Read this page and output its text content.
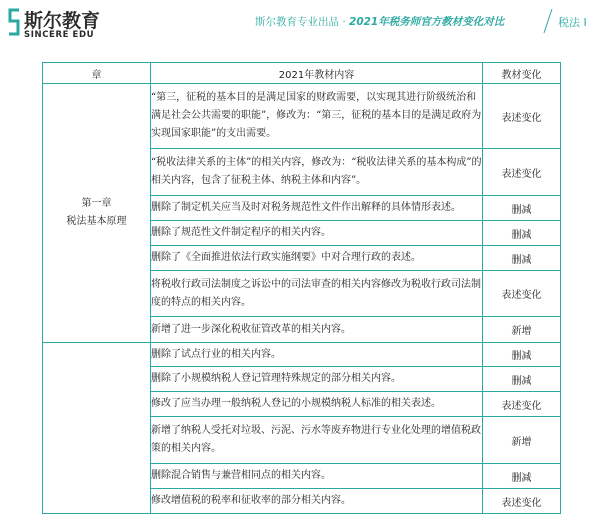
斯尔教育
SINCERE EDU
斯尔教育专业出品 · 2021年税务师官方教材变化对比	税法 I
章	2021年教材内容	教材变化

第一章
税法基本原理	“第三，征税的基本目的是满足国家的财政需要，以实现其进行阶级统治和满足社会公共需要的职能”，修改为：“第三，征税的基本目的是满足政府为实现国家职能”的支出需要。	表述变化
	“税收法律关系的主体”的相关内容，修改为：“税收法律关系的基本构成”的相关内容，包含了征税主体、纳税主体和内容”。	表述变化
	删除了制定机关应当及时对税务规范性文件作出解释的具体情形表述。	删减
	删除了规范性文件制定程序的相关内容。	删减
	删除了《全面推进依法行政实施纲要》中对合理行政的表述。	删减
	将税收行政司法制度之诉讼中的司法审查的相关内容修改为税收行政司法制度的特点的相关内容。	表述变化
	新增了进一步深化税收征管改革的相关内容。	新增
	删除了试点行业的相关内容。	删减
	删除了小规模纳税人登记管理特殊规定的部分相关内容。	删减
	修改了应当办理一般纳税人登记的小规模纳税人标准的相关表述。	表述变化
	新增了纳税人受托对垃圾、污泥、污水等废弃物进行专业化处理的增值税政策的相关内容。	新增
	删除混合销售与兼营相同点的相关内容。	删减
	修改增值税的税率和征收率的部分相关内容。	表述变化
